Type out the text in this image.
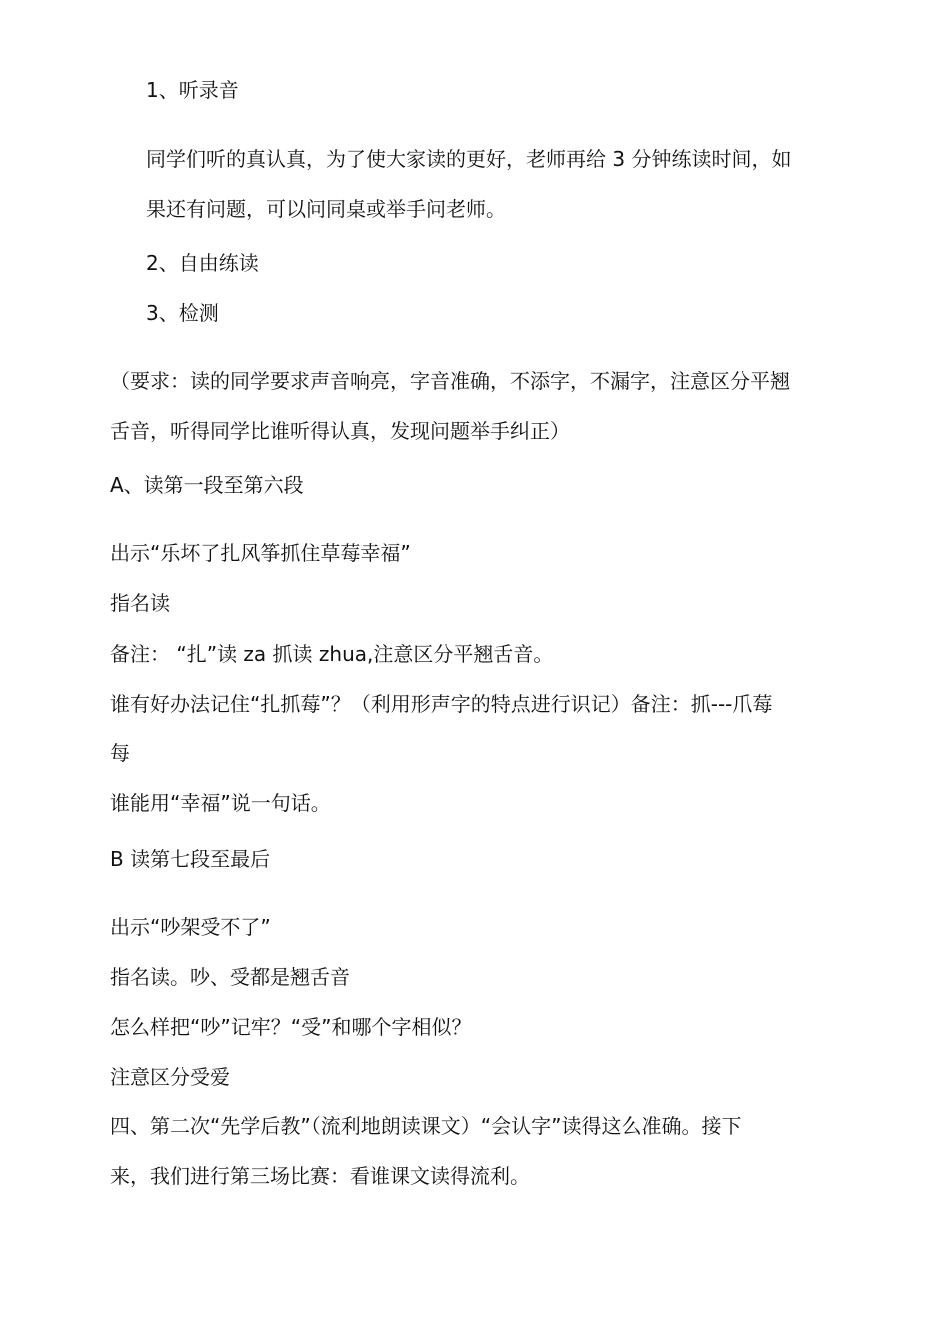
1、听录音
同学们听的真认真，为了使大家读的更好，老师再给 3 分钟练读时间，如
果还有问题，可以问同桌或举手问老师。
2、自由练读
3、检测
（要求：读的同学要求声音响亮，字音准确，不添字，不漏字，注意区分平翘
舌音，听得同学比谁听得认真，发现问题举手纠正）
A、读第一段至第六段
出示“乐坏了扎风筝抓住草莓幸福”
指名读
备注： “扎”读 za 抓读 zhua,注意区分平翘舌音。
谁有好办法记住“扎抓莓”？（利用形声字的特点进行识记）备注：抓---爪莓
每
谁能用“幸福”说一句话。
B 读第七段至最后
出示“吵架受不了”
指名读。吵、受都是翘舌音
怎么样把“吵”记牢？“受”和哪个字相似？
注意区分受爱
四、第二次“先学后教”（流利地朗读课文）“会认字”读得这么准确。接下
来，我们进行第三场比赛：看谁课文读得流利。
